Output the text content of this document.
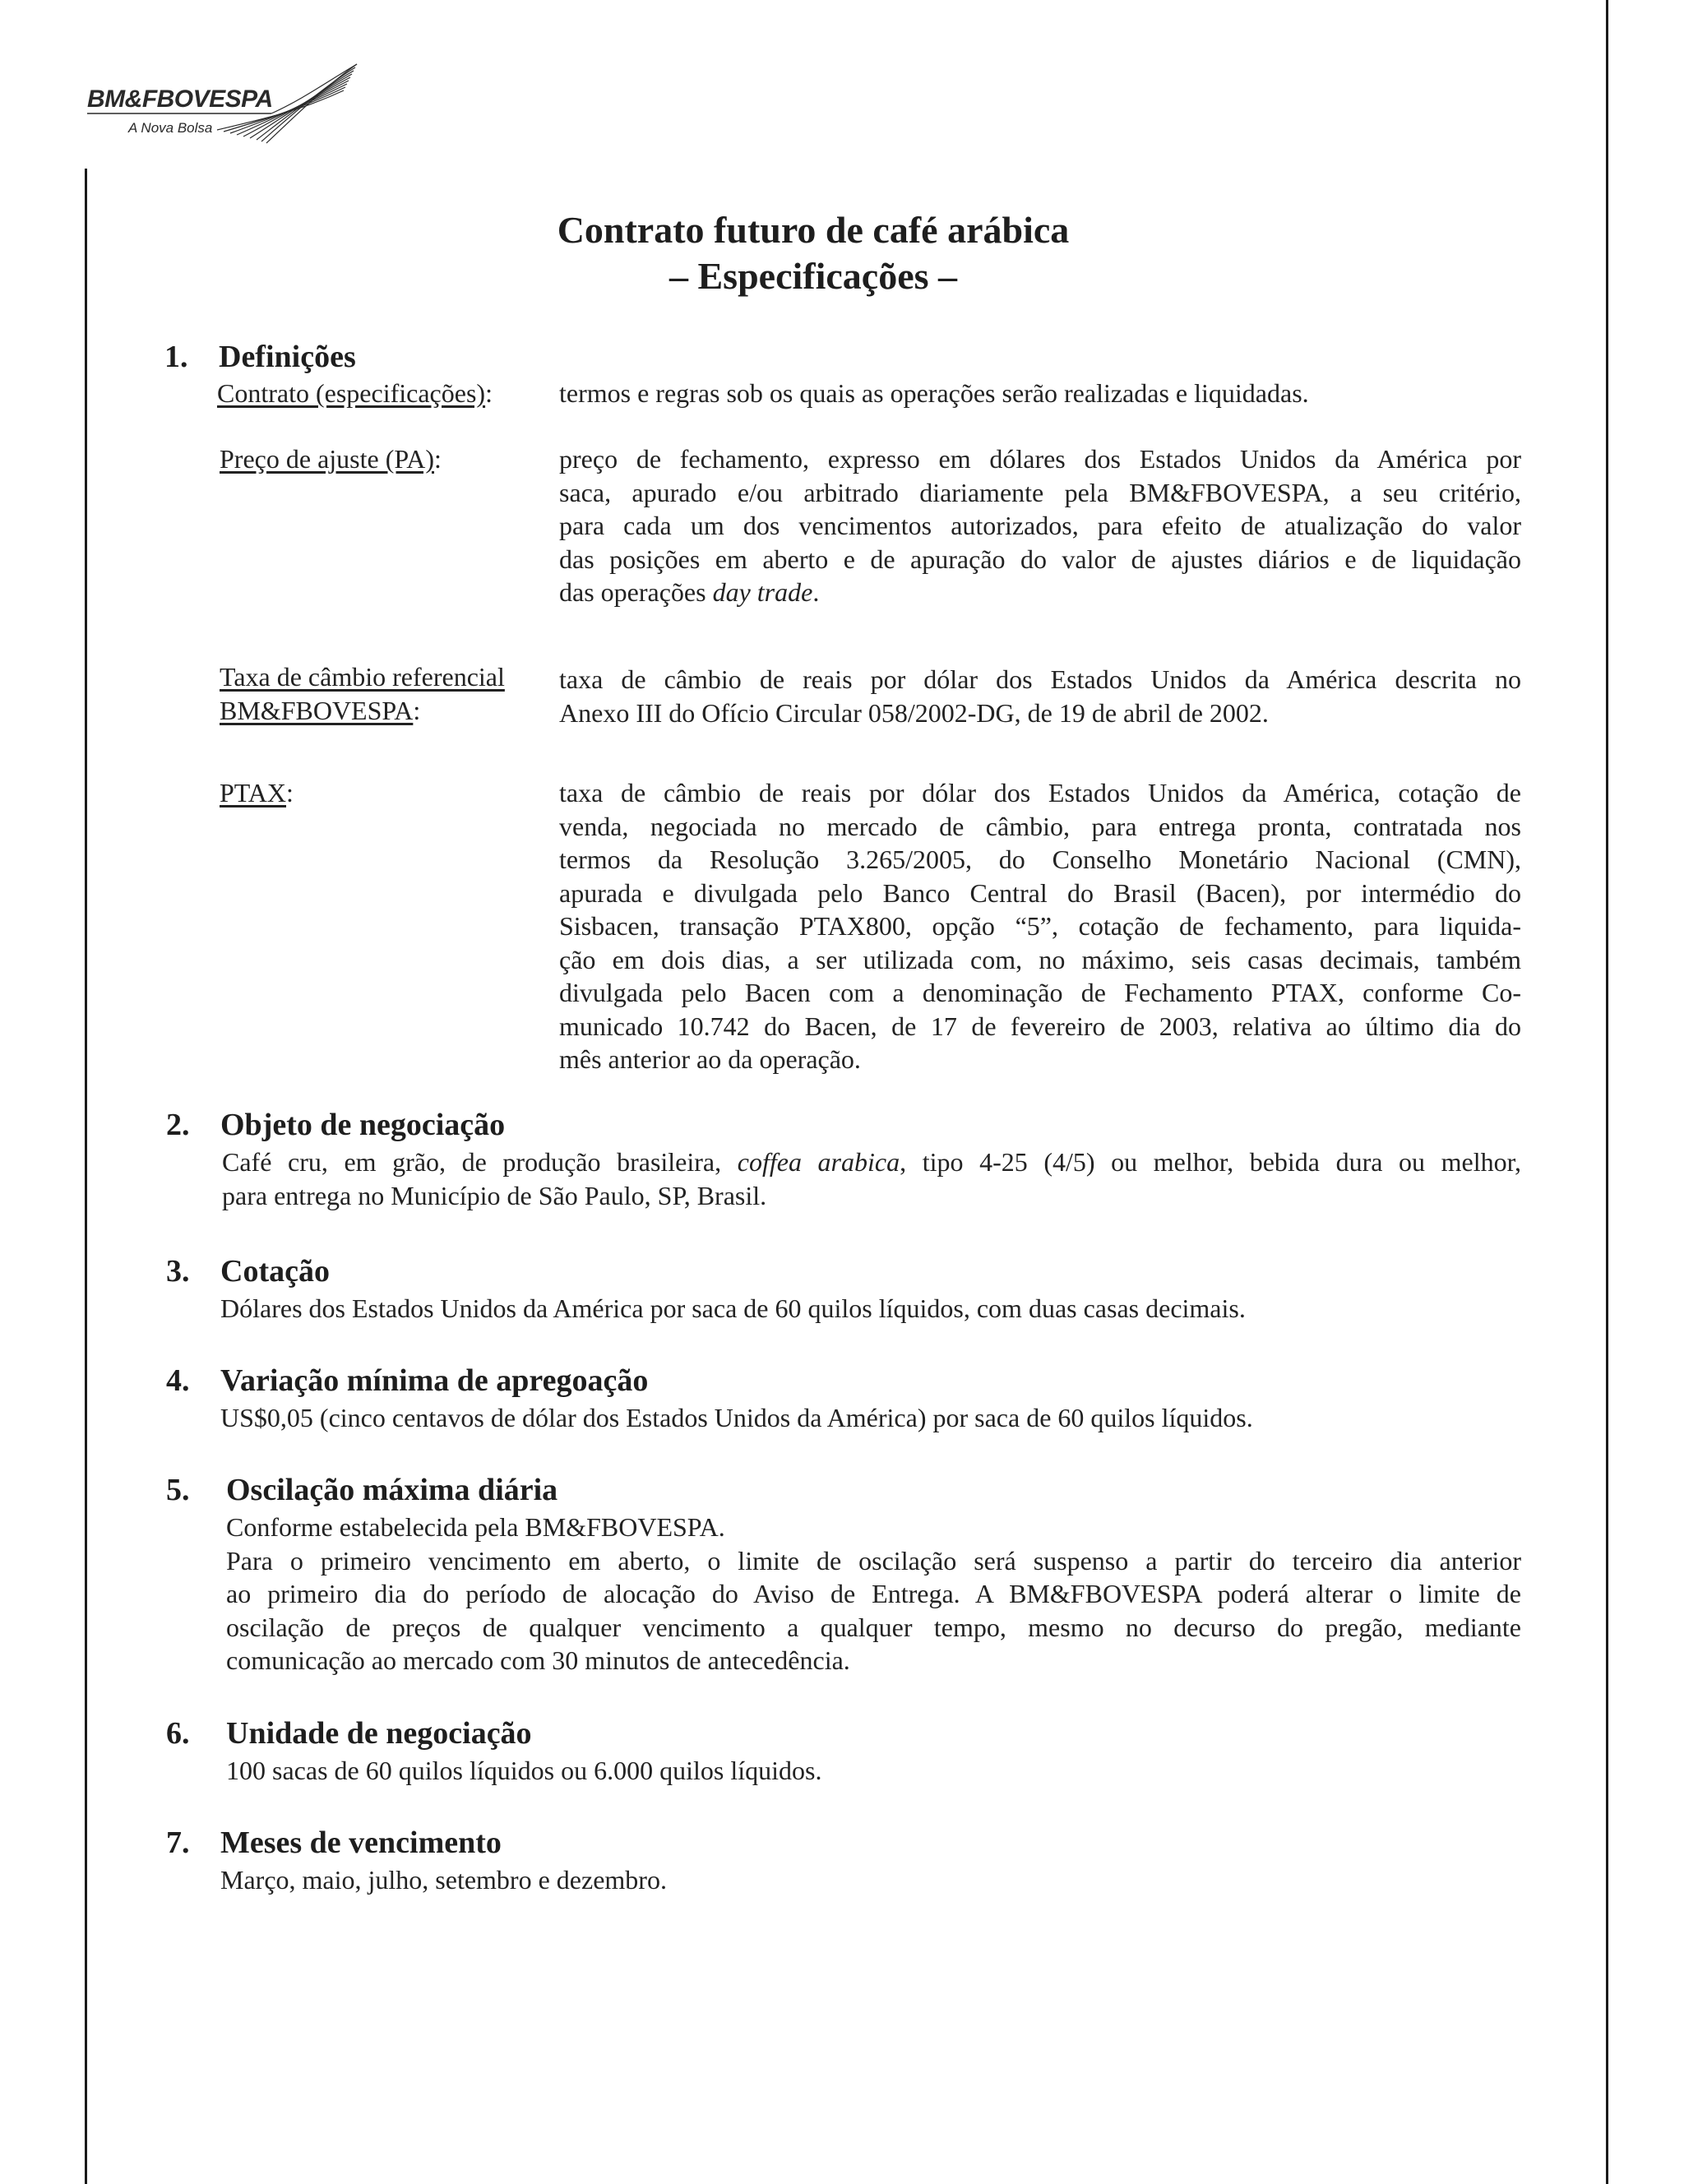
BM&FBOVESPA
A Nova Bolsa
Contrato futuro de café arábica
– Especificações –
1. Definições
Contrato (especificações):	termos e regras sob os quais as operações serão realizadas e liquidadas.
Preço de ajuste (PA):	preço de fechamento, expresso em dólares dos Estados Unidos da América por
saca, apurado e/ou arbitrado diariamente pela BM&FBOVESPA, a seu critério,
para cada um dos vencimentos autorizados, para efeito de atualização do valor
das posições em aberto e de apuração do valor de ajustes diários e de liquidação
das operações day trade.
Taxa de câmbio referencial
BM&FBOVESPA:
taxa de câmbio de reais por dólar dos Estados Unidos da América descrita no
Anexo III do Ofício Circular 058/2002-DG, de 19 de abril de 2002.
PTAX:	taxa de câmbio de reais por dólar dos Estados Unidos da América, cotação de
venda, negociada no mercado de câmbio, para entrega pronta, contratada nos
termos da Resolução 3.265/2005, do Conselho Monetário Nacional (CMN),
apurada e divulgada pelo Banco Central do Brasil (Bacen), por intermédio do
Sisbacen, transação PTAX800, opção “5”, cotação de fechamento, para liquida-
ção em dois dias, a ser utilizada com, no máximo, seis casas decimais, também
divulgada pelo Bacen com a denominação de Fechamento PTAX, conforme Co-
municado 10.742 do Bacen, de 17 de fevereiro de 2003, relativa ao último dia do
mês anterior ao da operação.
2. Objeto de negociação
Café cru, em grão, de produção brasileira, coffea arabica, tipo 4-25 (4/5) ou melhor, bebida dura ou melhor,
para entrega no Município de São Paulo, SP, Brasil.
3. Cotação
Dólares dos Estados Unidos da América por saca de 60 quilos líquidos, com duas casas decimais.
4. Variação mínima de apregoação
US$0,05 (cinco centavos de dólar dos Estados Unidos da América) por saca de 60 quilos líquidos.
5. Oscilação máxima diária
Conforme estabelecida pela BM&FBOVESPA.
Para o primeiro vencimento em aberto, o limite de oscilação será suspenso a partir do terceiro dia anterior
ao primeiro dia do período de alocação do Aviso de Entrega. A BM&FBOVESPA poderá alterar o limite de
oscilação de preços de qualquer vencimento a qualquer tempo, mesmo no decurso do pregão, mediante
comunicação ao mercado com 30 minutos de antecedência.
6. Unidade de negociação
100 sacas de 60 quilos líquidos ou 6.000 quilos líquidos.
7. Meses de vencimento
Março, maio, julho, setembro e dezembro.
